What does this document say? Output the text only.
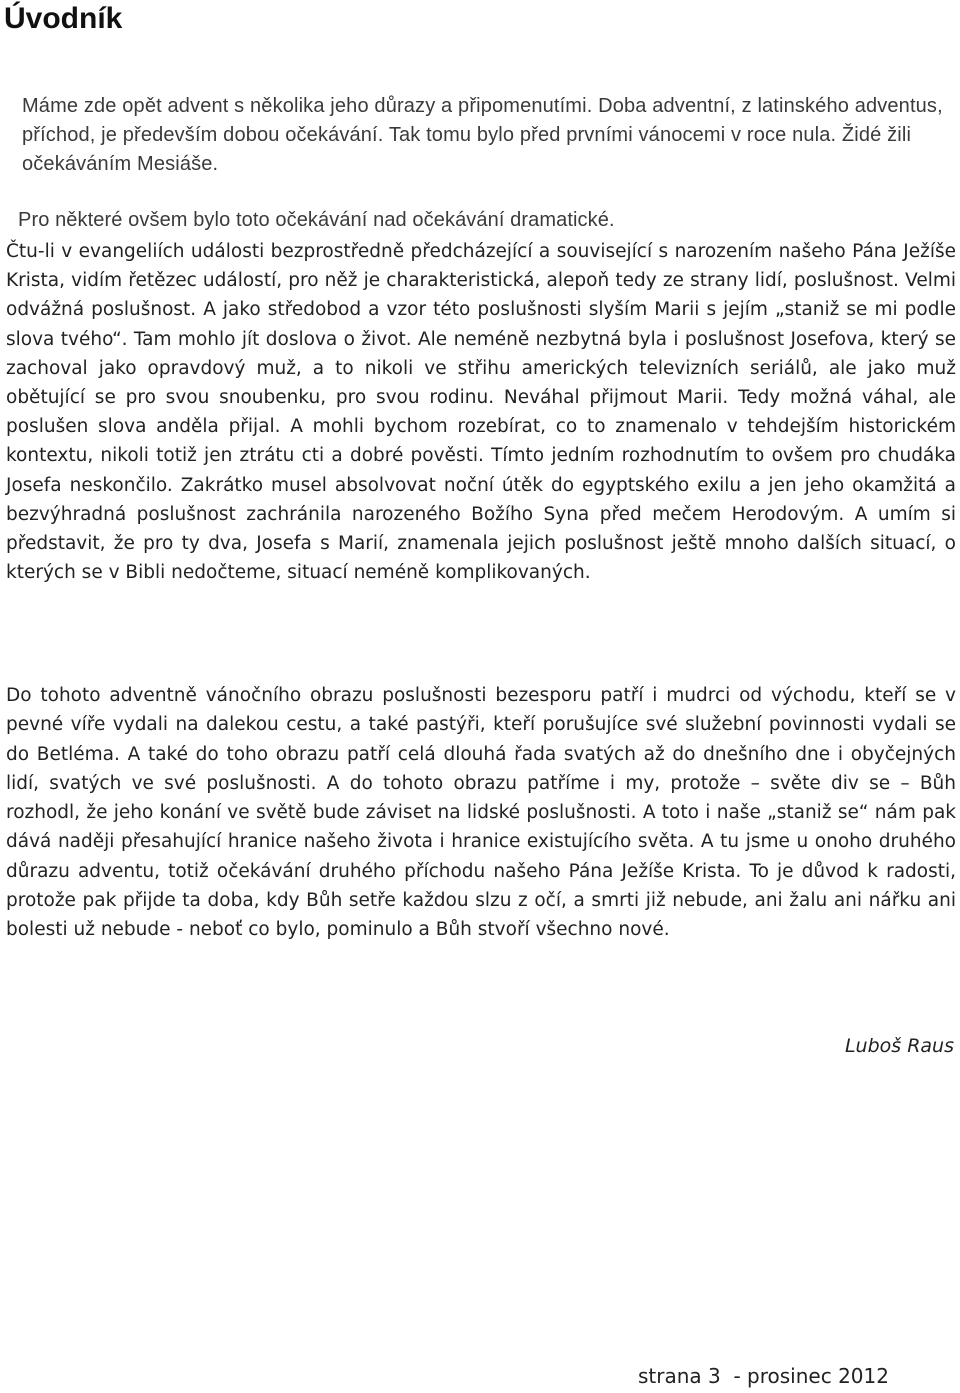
Úvodník

Máme zde opět advent s několika jeho důrazy a připomenutími. Doba adventní, z latinského adventus, příchod, je především dobou očekávání. Tak tomu bylo před prvními vánocemi v roce nula. Židé žili očekáváním Mesiáše.

Pro některé ovšem bylo toto očekávání nad očekávání dramatické.

Čtu-li v evangeliích události bezprostředně předcházející a související s narozením našeho Pána Ježíše Krista, vidím řetězec událostí, pro něž je charakteristická, alepoň tedy ze strany lidí, poslušnost. Velmi odvážná poslušnost. A jako středobod a vzor této poslušnosti slyším Marii s jejím „staniž se mi podle slova tvého“. Tam mohlo jít doslova o život. Ale neméně nezbytná byla i poslušnost Josefova, který se zachoval jako opravdový muž, a to nikoli ve střihu amerických televizních seriálů, ale jako muž obětující se pro svou snoubenku, pro svou rodinu. Neváhal přijmout Marii. Tedy možná váhal, ale poslušen slova anděla přijal. A mohli bychom rozebírat, co to znamenalo v tehdejším historickém kontextu, nikoli totiž jen ztrátu cti a dobré pověsti. Tímto jedním rozhodnutím to ovšem pro chudáka Josefa neskončilo. Zakrátko musel absolvovat noční útěk do egyptského exilu a jen jeho okamžitá a bezvýhradná poslušnost zachránila narozeného Božího Syna před mečem Herodovým. A umím si představit, že pro ty dva, Josefa s Marií, znamenala jejich poslušnost ještě mnoho dalších situací, o kterých se v Bibli nedočteme, situací neméně komplikovaných.

Do tohoto adventně vánočního obrazu poslušnosti bezesporu patří i mudrci od východu, kteří se v pevné víře vydali na dalekou cestu, a také pastýři, kteří porušujíce své služební povinnosti vydali se do Betléma. A také do toho obrazu patří celá dlouhá řada svatých až do dnešního dne i obyčejných lidí, svatých ve své poslušnosti. A do tohoto obrazu patříme i my, protože – světe div se – Bůh rozhodl, že jeho konání ve světě bude záviset na lidské poslušnosti. A toto i naše „staniž se“ nám pak dává naději přesahující hranice našeho života i hranice existujícího světa. A tu jsme u onoho druhého důrazu adventu, totiž očekávání druhého příchodu našeho Pána Ježíše Krista. To je důvod k radosti, protože pak přijde ta doba, kdy Bůh setře každou slzu z očí, a smrti již nebude, ani žalu ani nářku ani bolesti už nebude - neboť co bylo, pominulo a Bůh stvoří všechno nové.

Luboš Raus

strana 3  - prosinec 2012
